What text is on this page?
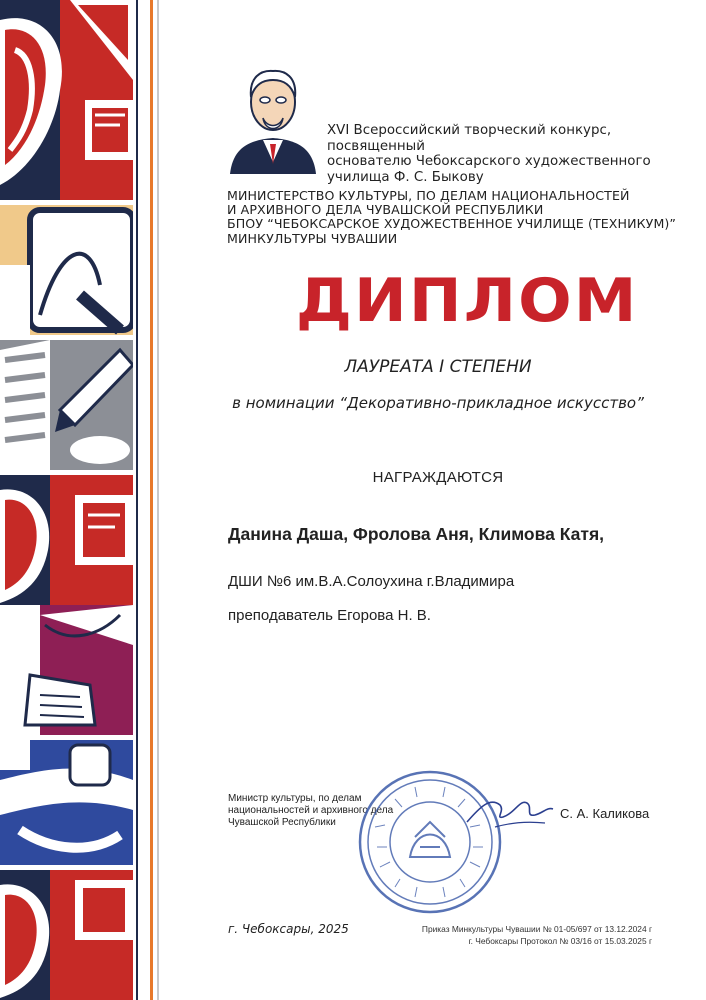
XVI Всероссийский творческий конкурс, посвященный
основателю Чебоксарского художественного
училища Ф. С. Быкову
МИНИСТЕРСТВО КУЛЬТУРЫ, ПО ДЕЛАМ НАЦИОНАЛЬНОСТЕЙ
И АРХИВНОГО ДЕЛА ЧУВАШСКОЙ РЕСПУБЛИКИ
БПОУ “ЧЕБОКСАРСКОЕ ХУДОЖЕСТВЕННОЕ УЧИЛИЩЕ (ТЕХНИКУМ)”
МИНКУЛЬТУРЫ ЧУВАШИИ
ДИПЛОМ
ЛАУРЕАТА I СТЕПЕНИ
в номинации “Декоративно-прикладное искусство”
НАГРАЖДАЮТСЯ
Данина Даша, Фролова Аня, Климова Катя,
ДШИ №6 им.В.А.Солоухина г.Владимира
преподаватель Егорова Н. В.
Министр культуры, по делам
национальностей и архивного дела
Чувашской Республики
С. А. Каликова
г. Чебоксары, 2025	Приказ Минкультуры Чувашии № 01-05/697 от 13.12.2024 г
г. Чебоксары Протокол № 03/16 от 15.03.2025 г
